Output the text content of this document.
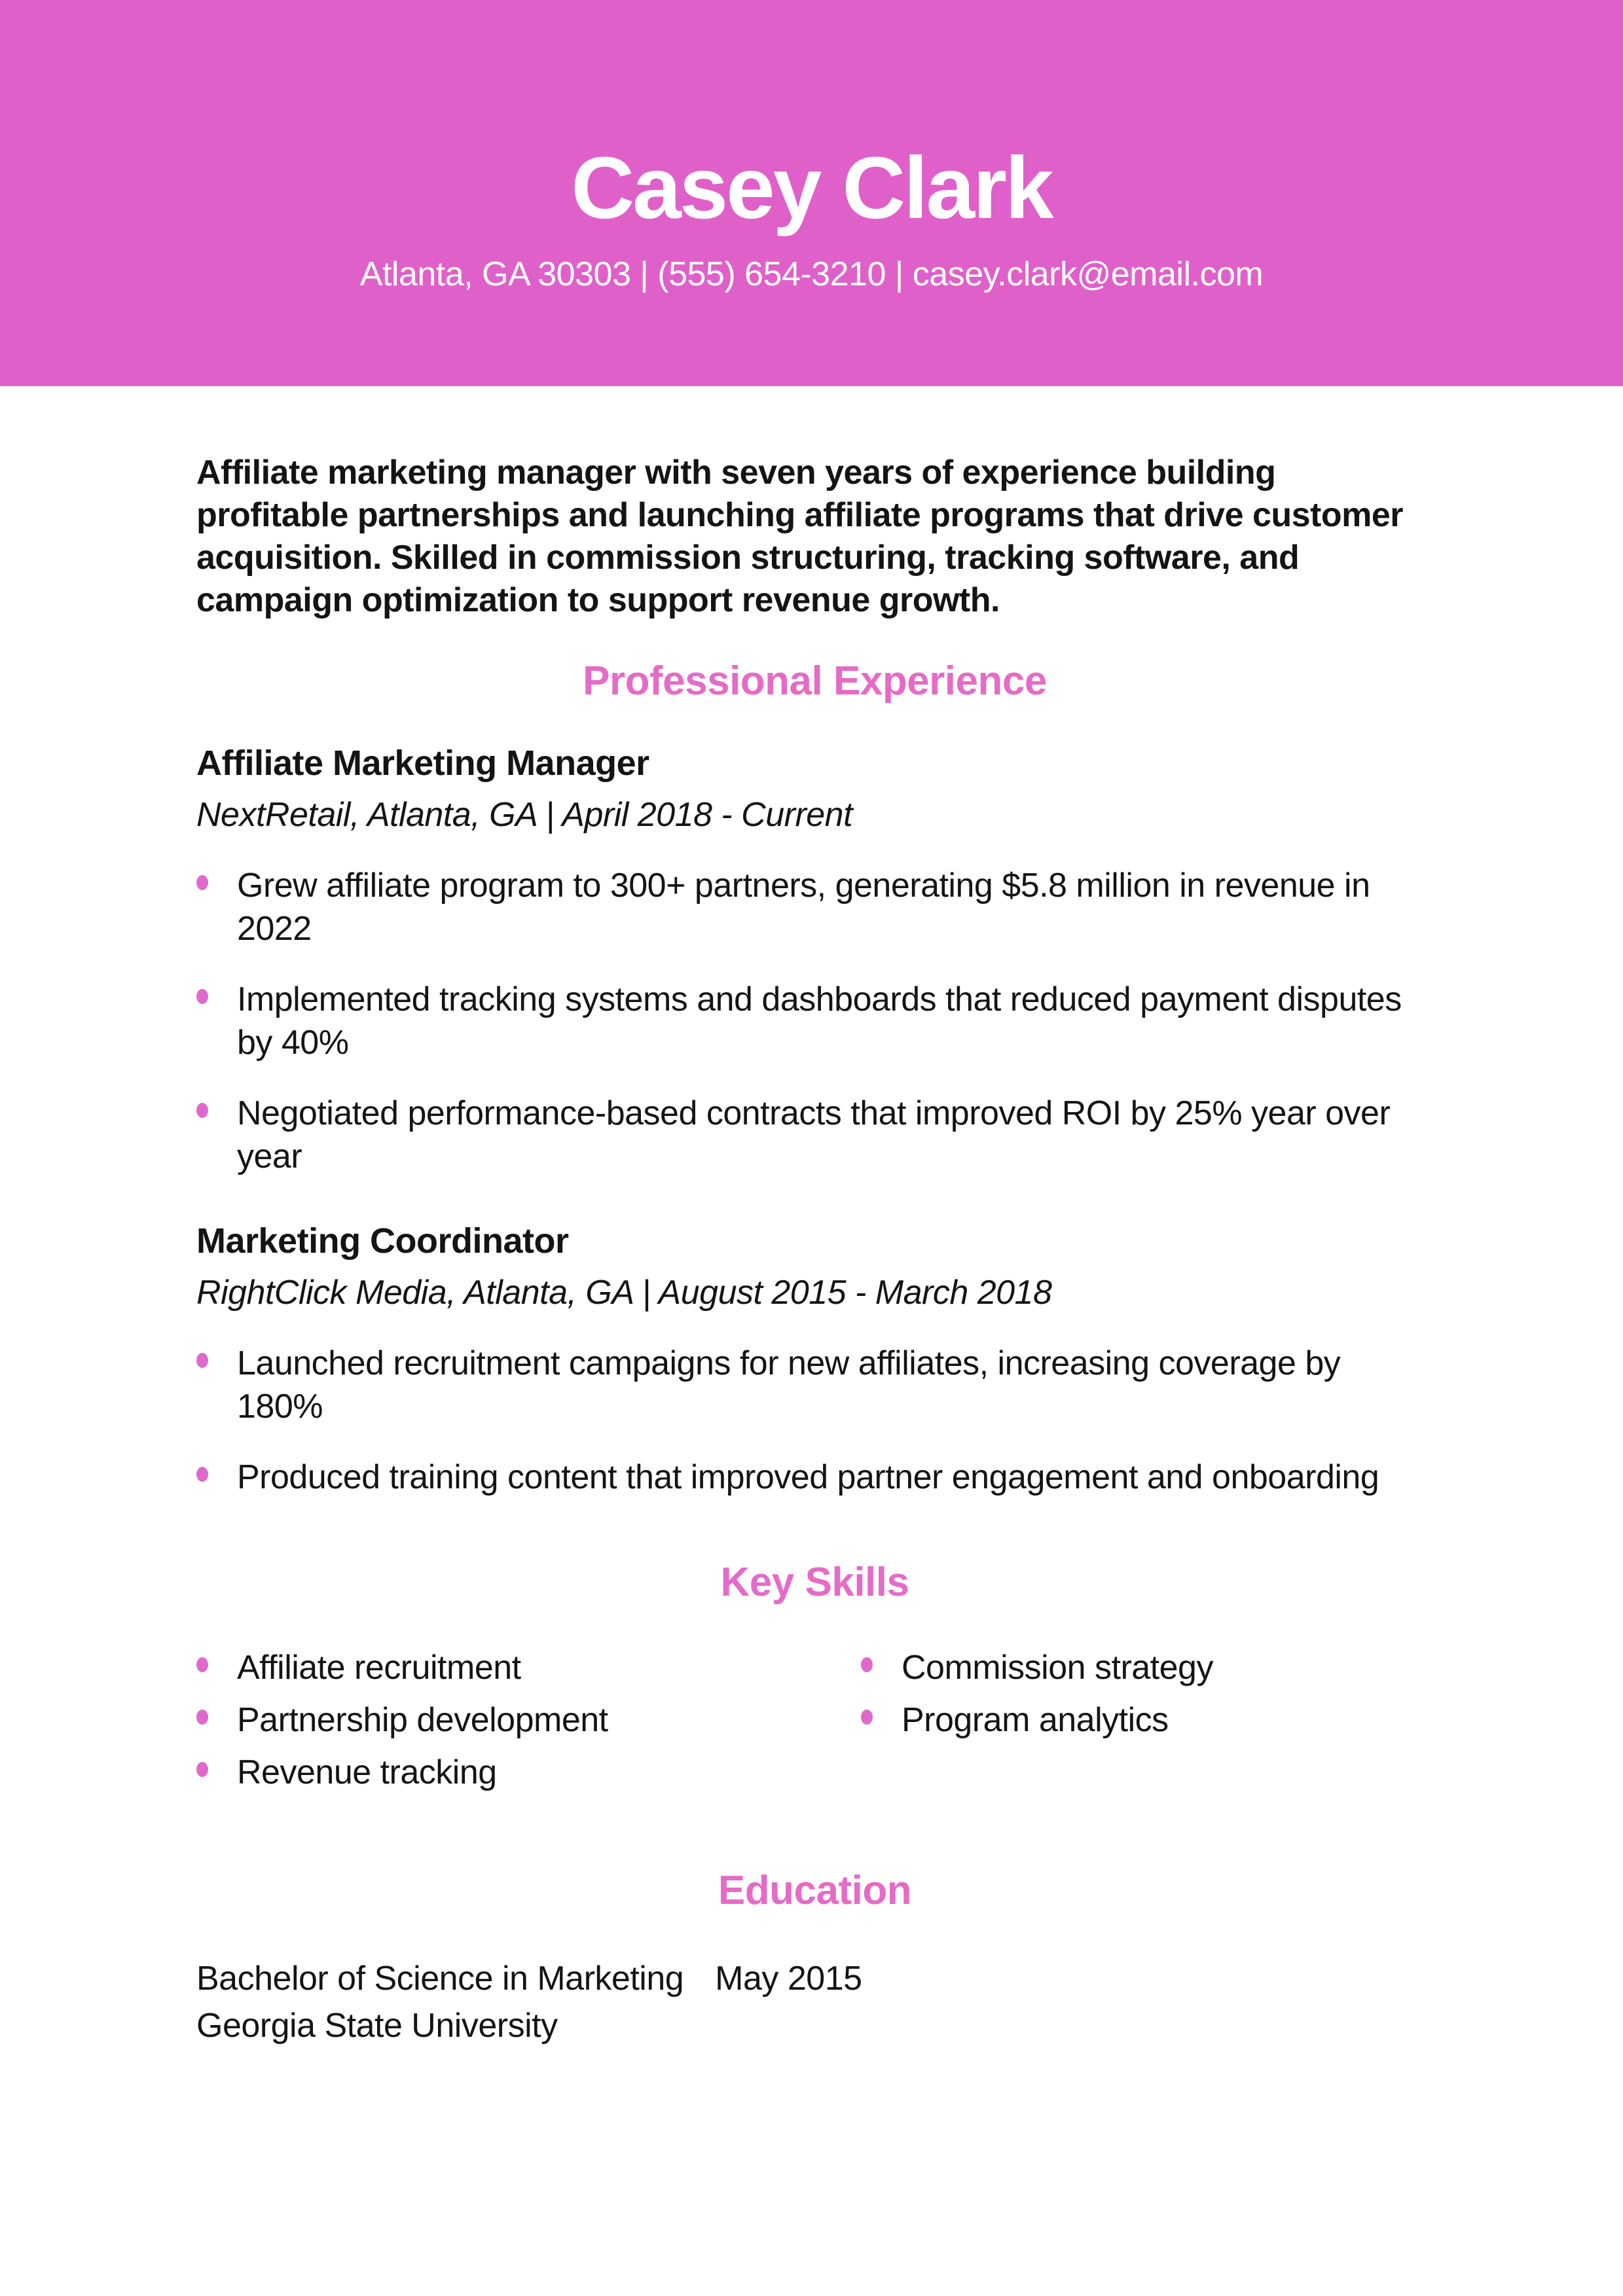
Casey Clark
Atlanta, GA 30303 | (555) 654-3210 | casey.clark@email.com

Affiliate marketing manager with seven years of experience building profitable partnerships and launching affiliate programs that drive customer acquisition. Skilled in commission structuring, tracking software, and campaign optimization to support revenue growth.

Professional Experience
Affiliate Marketing Manager
NextRetail, Atlanta, GA | April 2018 - Current
Grew affiliate program to 300+ partners, generating $5.8 million in revenue in 2022
Implemented tracking systems and dashboards that reduced payment disputes by 40%
Negotiated performance-based contracts that improved ROI by 25% year over year
Marketing Coordinator
RightClick Media, Atlanta, GA | August 2015 - March 2018
Launched recruitment campaigns for new affiliates, increasing coverage by 180%
Produced training content that improved partner engagement and onboarding
Key Skills
Affiliate recruitment
Partnership development
Revenue tracking
Commission strategy
Program analytics
Education
Bachelor of Science in Marketing May 2015
Georgia State University
